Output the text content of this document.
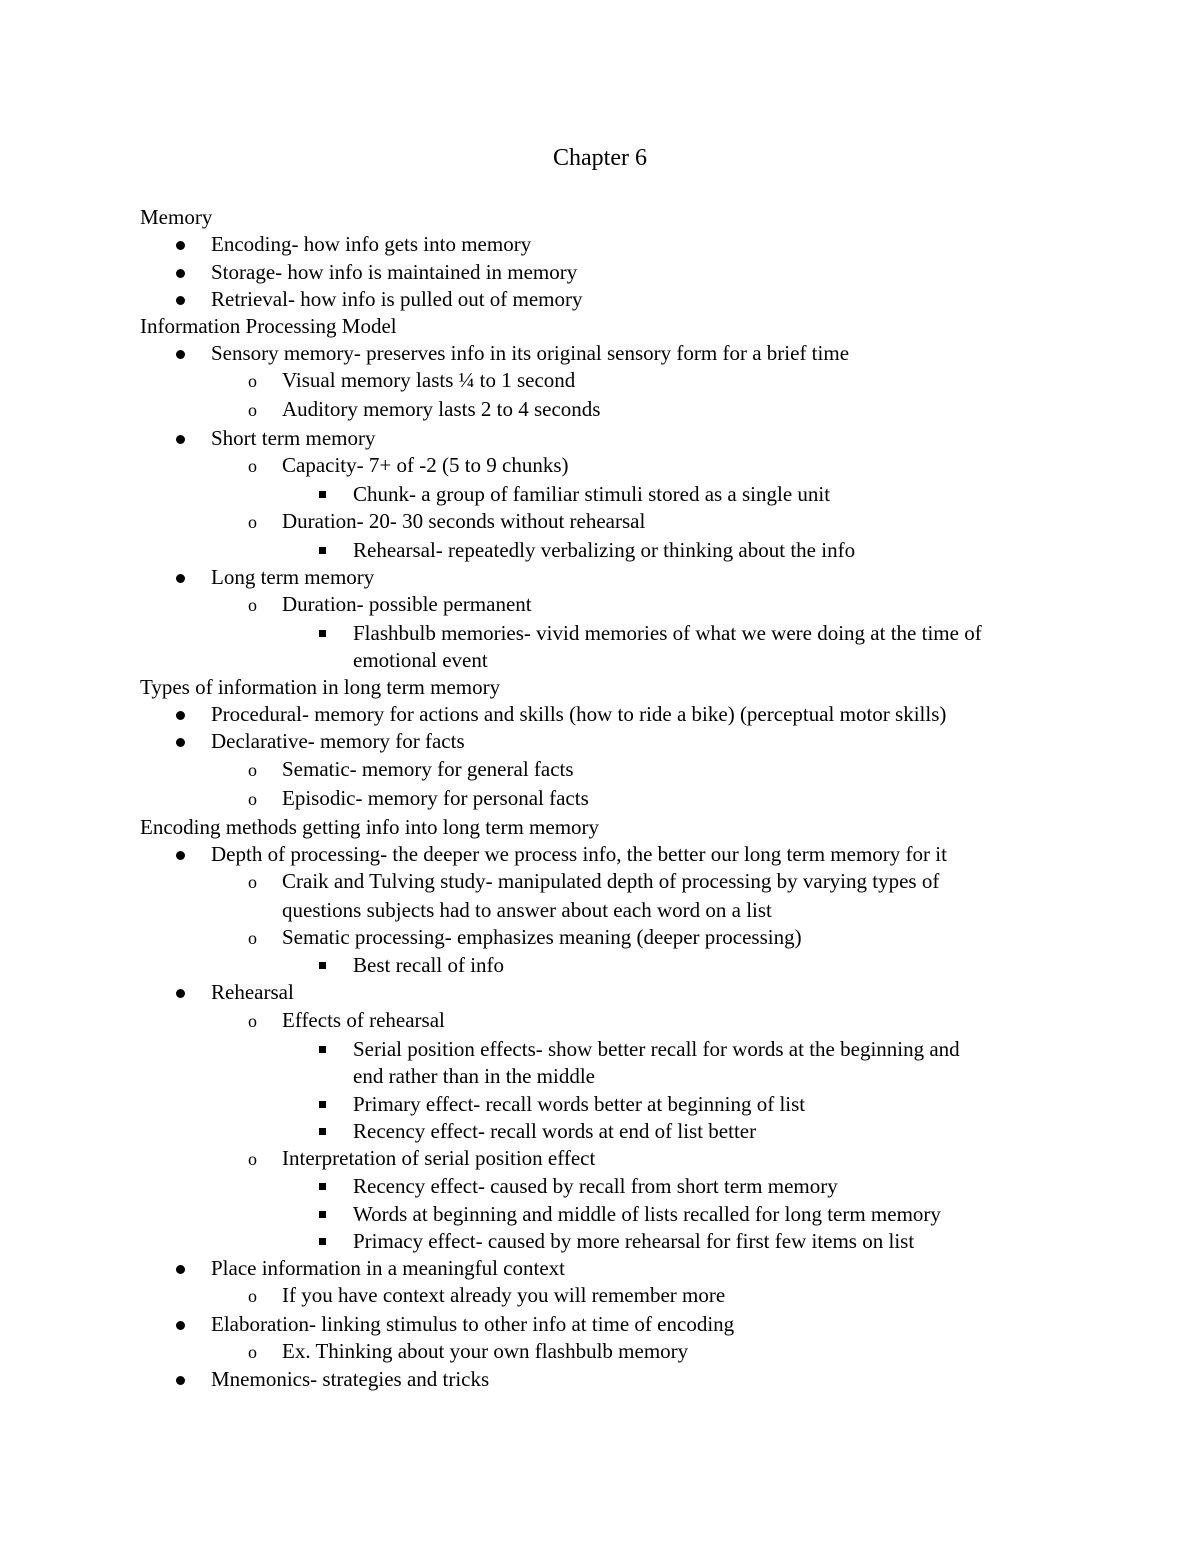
Chapter 6
Memory
Encoding- how info gets into memory
Storage- how info is maintained in memory
Retrieval- how info is pulled out of memory
Information Processing Model
Sensory memory- preserves info in its original sensory form for a brief time
Visual memory lasts ¼ to 1 second
o
Auditory memory lasts 2 to 4 seconds
o
Short term memory
Capacity- 7+ of -2 (5 to 9 chunks)
o
Chunk- a group of familiar stimuli stored as a single unit
Duration- 20- 30 seconds without rehearsal
o
Rehearsal- repeatedly verbalizing or thinking about the info
Long term memory
Duration- possible permanent
o
Flashbulb memories- vivid memories of what we were doing at the time of
emotional event
Types of information in long term memory
Procedural- memory for actions and skills (how to ride a bike) (perceptual motor skills)
Declarative- memory for facts
Sematic- memory for general facts
o
Episodic- memory for personal facts
o
Encoding methods getting info into long term memory
Depth of processing- the deeper we process info, the better our long term memory for it
Craik and Tulving study- manipulated depth of processing by varying types of
o
questions subjects had to answer about each word on a list
Sematic processing- emphasizes meaning (deeper processing)
o
Best recall of info
Rehearsal
Effects of rehearsal
o
Serial position effects- show better recall for words at the beginning and
end rather than in the middle
Primary effect- recall words better at beginning of list
Recency effect- recall words at end of list better
Interpretation of serial position effect
o
Recency effect- caused by recall from short term memory
Words at beginning and middle of lists recalled for long term memory
Primacy effect- caused by more rehearsal for first few items on list
Place information in a meaningful context
If you have context already you will remember more
o
Elaboration- linking stimulus to other info at time of encoding
Ex. Thinking about your own flashbulb memory
o
Mnemonics- strategies and tricks
